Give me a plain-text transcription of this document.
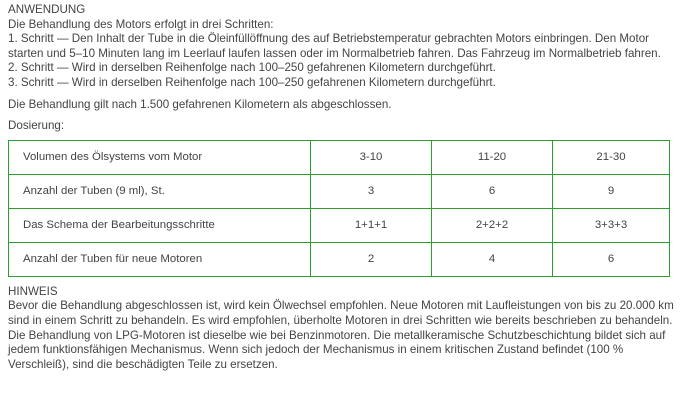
ANWENDUNG

Die Behandlung des Motors erfolgt in drei Schritten:

1. Schritt — Den Inhalt der Tube in die Öleinfüllöffnung des auf Betriebstemperatur gebrachten Motors einbringen. Den Motor

starten und 5–10 Minuten lang im Leerlauf laufen lassen oder im Normalbetrieb fahren. Das Fahrzeug im Normalbetrieb fahren.

2. Schritt — Wird in derselben Reihenfolge nach 100–250 gefahrenen Kilometern durchgeführt.

3. Schritt — Wird in derselben Reihenfolge nach 100–250 gefahrenen Kilometern durchgeführt.

Die Behandlung gilt nach 1.500 gefahrenen Kilometern als abgeschlossen.

Dosierung:

Volumen des Ölsystems vom Motor	3-10	11-20	21-30
Anzahl der Tuben (9 ml), St.	3	6	9
Das Schema der Bearbeitungsschritte	1+1+1	2+2+2	3+3+3
Anzahl der Tuben für neue Motoren	2	4	6

HINWEIS

Bevor die Behandlung abgeschlossen ist, wird kein Ölwechsel empfohlen. Neue Motoren mit Laufleistungen von bis zu 20.000 km

sind in einem Schritt zu behandeln. Es wird empfohlen, überholte Motoren in drei Schritten wie bereits beschrieben zu behandeln.

Die Behandlung von LPG-Motoren ist dieselbe wie bei Benzinmotoren. Die metallkeramische Schutzbeschichtung bildet sich auf

jedem funktionsfähigen Mechanismus. Wenn sich jedoch der Mechanismus in einem kritischen Zustand befindet (100 %

Verschleiß), sind die beschädigten Teile zu ersetzen.
